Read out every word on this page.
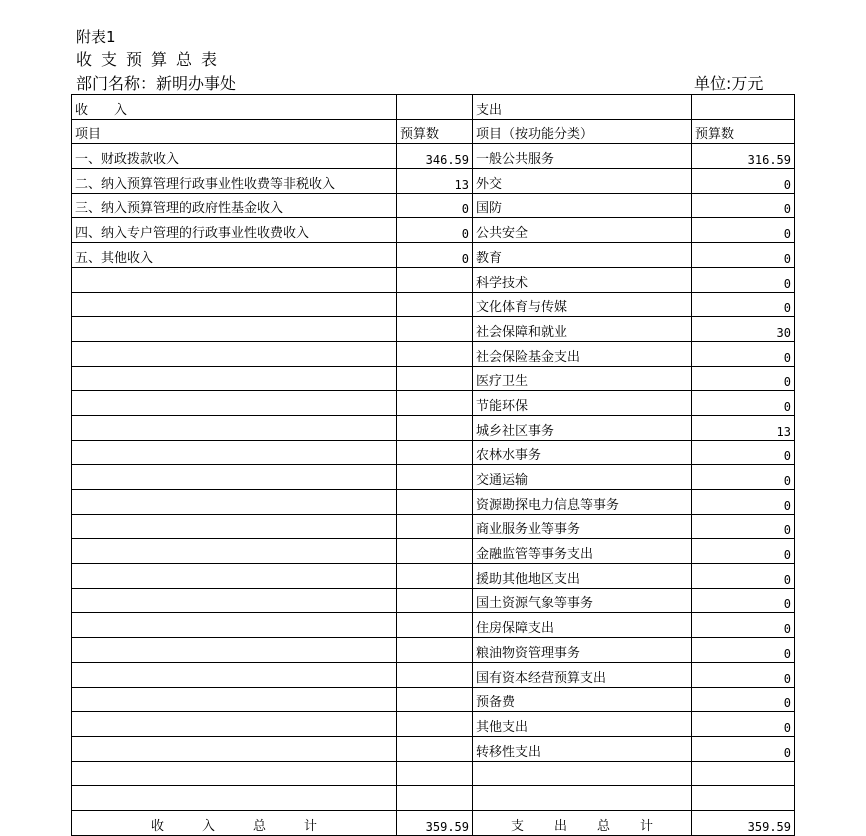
附表1

收支预算总表

部门名称：新明办事处	单位:万元
收　　入		支出	
项目	预算数	项目（按功能分类）	预算数
一、财政拨款收入	346.59	一般公共服务	316.59
二、纳入预算管理行政事业性收费等非税收入	13	外交	0
三、纳入预算管理的政府性基金收入	0	国防	0
四、纳入专户管理的行政事业性收费收入	0	公共安全	0
五、其他收入	0	教育	0
		科学技术	0
		文化体育与传媒	0
		社会保障和就业	30
		社会保险基金支出	0
		医疗卫生	0
		节能环保	0
		城乡社区事务	13
		农林水事务	0
		交通运输	0
		资源勘探电力信息等事务	0
		商业服务业等事务	0
		金融监管等事务支出	0
		援助其他地区支出	0
		国土资源气象等事务	0
		住房保障支出	0
		粮油物资管理事务	0
		国有资本经营预算支出	0
		预备费	0
		其他支出	0
		转移性支出	0

收 入 总 计	359.59	支 出 总 计	359.59
